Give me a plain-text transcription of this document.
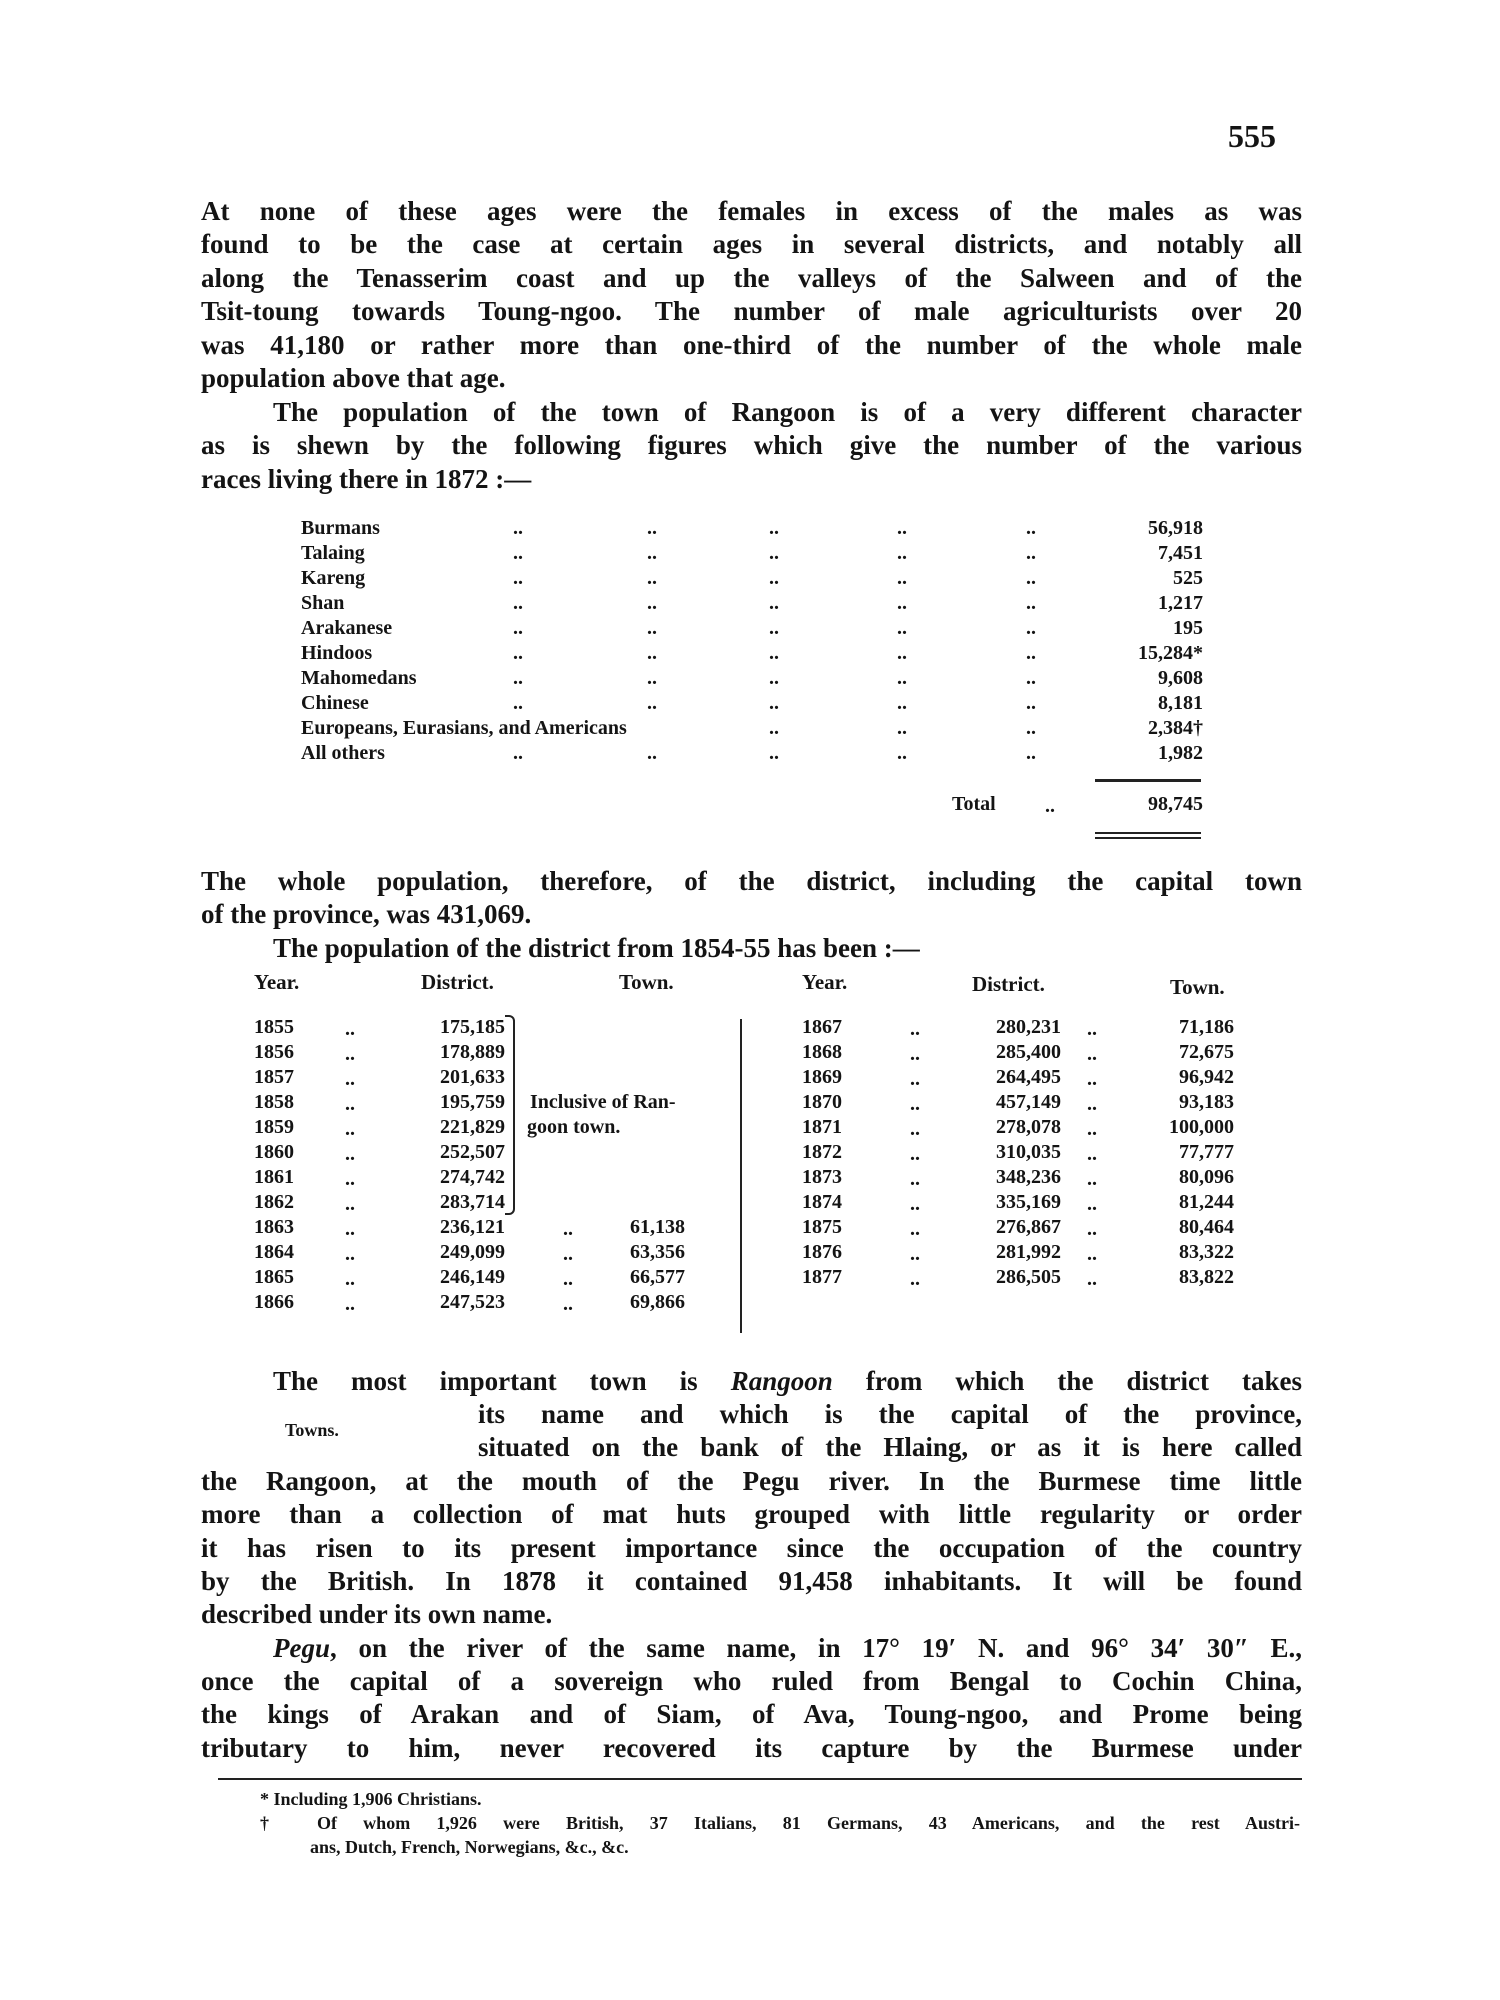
555
At none of these ages were the females in excess of the males as was
found to be the case at certain ages in several districts, and notably all
along the Tenasserim coast and up the valleys of the Salween and of the
Tsit-toung towards Toung-ngoo. The number of male agriculturists over 20
was 41,180 or rather more than one-third of the number of the whole male
population above that age.
The population of the town of Rangoon is of a very different character
as is shewn by the following figures which give the number of the various
races living there in 1872 :—
Burmans	..	..	..	..	..	56,918
Talaing	..	..	..	..	..	7,451
Kareng	..	..	..	..	..	525
Shan	..	..	..	..	..	1,217
Arakanese	..	..	..	..	..	195
Hindoos	..	..	..	..	..	15,284*
Mahomedans	..	..	..	..	..	9,608
Chinese	..	..	..	..	..	8,181
Europeans, Eurasians, and Americans	..	..	..	2,384†
All others	..	..	..	..	..	1,982
Total ..	98,745
The whole population, therefore, of the district, including the capital town
of the province, was 431,069.
The population of the district from 1854-55 has been :—
Year.	District.	Town.	Year.	District.	Town.
1855	..	175,185
1856	..	178,889
1857	..	201,633
1858	..	195,759
1859	..	221,829
1860	..	252,507
1861	..	274,742
1862	..	283,714
1863	..	236,121	..	61,138
1864	..	249,099	..	63,356
1865	..	246,149	..	66,577
1866	..	247,523	..	69,866
Inclusive of Ran-
goon town.
1867	..	280,231 ..	71,186
1868	..	285,400 ..	72,675
1869	..	264,495 ..	96,942
1870	..	457,149 ..	93,183
1871	..	278,078 ..	100,000
1872	..	310,035 ..	77,777
1873	..	348,236 ..	80,096
1874	..	335,169 ..	81,244
1875	..	276,867 ..	80,464
1876	..	281,992 ..	83,322
1877	..	286,505 ..	83,822
The most important town is Rangoon from which the district takes
Towns.
its name and which is the capital of the province,
situated on the bank of the Hlaing, or as it is here called
the Rangoon, at the mouth of the Pegu river. In the Burmese time little
more than a collection of mat huts grouped with little regularity or order
it has risen to its present importance since the occupation of the country
by the British. In 1878 it contained 91,458 inhabitants. It will be found
described under its own name.
Pegu, on the river of the same name, in 17° 19′ N. and 96° 34′ 30″ E.,
once the capital of a sovereign who ruled from Bengal to Cochin China,
the kings of Arakan and of Siam, of Ava, Toung-ngoo, and Prome being
tributary to him, never recovered its capture by the Burmese under
* Including 1,906 Christians.
† Of whom 1,926 were British, 37 Italians, 81 Germans, 43 Americans, and the rest Austri-
ans, Dutch, French, Norwegians, &c., &c.
